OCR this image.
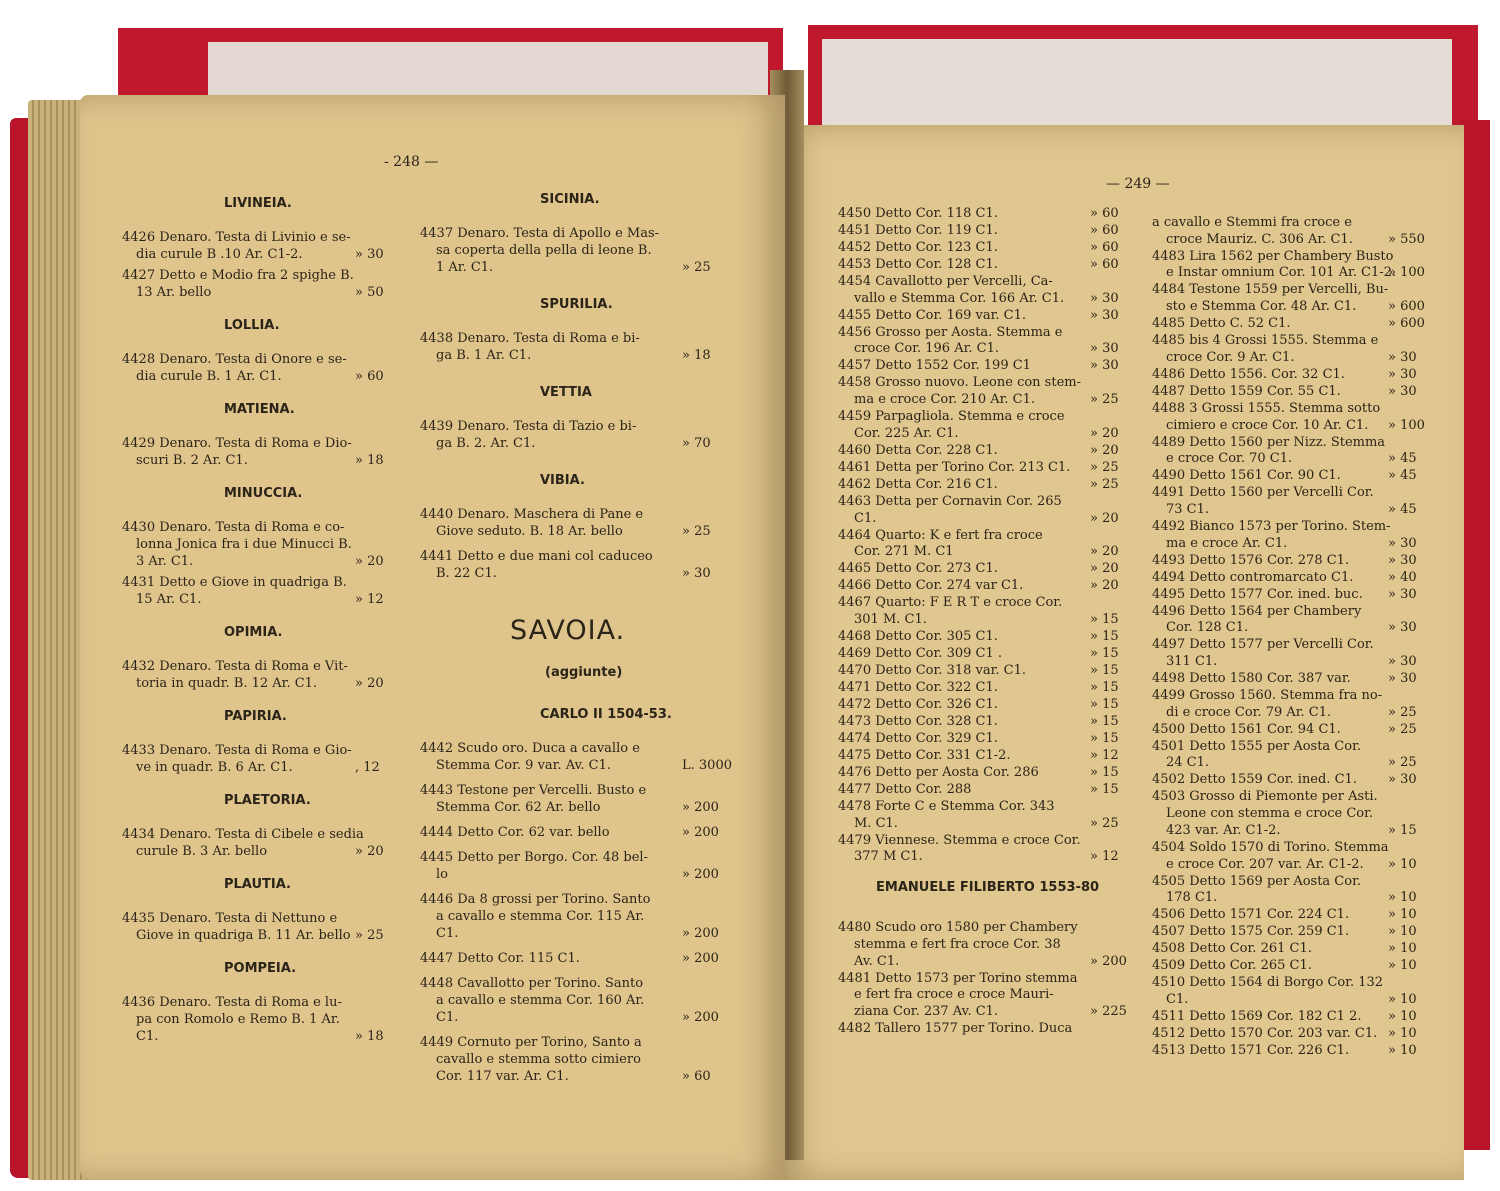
- 248 —
— 249 —
LIVINEIA.
4426 Denaro. Testa di Livinio e se-
dia curule B .10 Ar. C1-2.	» 30
4427 Detto e Modio fra 2 spighe B.
13 Ar. bello	» 50
LOLLIA.
4428 Denaro. Testa di Onore e se-
dia curule B. 1 Ar. C1.	» 60
MATIENA.
4429 Denaro. Testa di Roma e Dio-
scuri B. 2 Ar. C1.	» 18
MINUCCIA.
4430 Denaro. Testa di Roma e co-
lonna Jonica fra i due Minucci B.
3 Ar. C1.	» 20
4431 Detto e Giove in quadriga B.
15 Ar. C1.	» 12
OPIMIA.
4432 Denaro. Testa di Roma e Vit-
toria in quadr. B. 12 Ar. C1.	» 20
PAPIRIA.
4433 Denaro. Testa di Roma e Gio-
ve in quadr. B. 6 Ar. C1.	, 12
PLAETORIA.
4434 Denaro. Testa di Cibele e sedia
curule B. 3 Ar. bello	» 20
PLAUTIA.
4435 Denaro. Testa di Nettuno e
Giove in quadriga B. 11 Ar. bello » 25
POMPEIA.
4436 Denaro. Testa di Roma e lu-
pa con Romolo e Remo B. 1 Ar.
C1.	» 18
SICINIA.
4437 Denaro. Testa di Apollo e Mas-
sa coperta della pella di leone B.
1 Ar. C1.	» 25
SPURILIA.
4438 Denaro. Testa di Roma e bi-
ga B. 1 Ar. C1.	» 18
VETTIA
4439 Denaro. Testa di Tazio e bi-
ga B. 2. Ar. C1.	» 70
VIBIA.
4440 Denaro. Maschera di Pane e
Giove seduto. B. 18 Ar. bello	» 25
4441 Detto e due mani col caduceo
B. 22 C1.	» 30
SAVOIA.
(aggiunte)
CARLO II 1504-53.
4442 Scudo oro. Duca a cavallo e
Stemma Cor. 9 var. Av. C1.	L. 3000
4443 Testone per Vercelli. Busto e
Stemma Cor. 62 Ar. bello	» 200
4444 Detto Cor. 62 var. bello	» 200
4445 Detto per Borgo. Cor. 48 bel-
lo	» 200
4446 Da 8 grossi per Torino. Santo
a cavallo e stemma Cor. 115 Ar.
C1.	» 200
4447 Detto Cor. 115 C1.	» 200
4448 Cavallotto per Torino. Santo
a cavallo e stemma Cor. 160 Ar.
C1.	» 200
4449 Cornuto per Torino, Santo a
cavallo e stemma sotto cimiero
Cor. 117 var. Ar. C1.	» 60
4450 Detto Cor. 118 C1.	» 60
4451 Detto Cor. 119 C1.	» 60
4452 Detto Cor. 123 C1.	» 60
4453 Detto Cor. 128 C1.	» 60
4454 Cavallotto per Vercelli, Ca-
vallo e Stemma Cor. 166 Ar. C1. » 30
4455 Detto Cor. 169 var. C1.	» 30
4456 Grosso per Aosta. Stemma e
croce Cor. 196 Ar. C1.	» 30
4457 Detto 1552 Cor. 199 C1	» 30
4458 Grosso nuovo. Leone con stem-
ma e croce Cor. 210 Ar. C1.	» 25
4459 Parpagliola. Stemma e croce
Cor. 225 Ar. C1.	» 20
4460 Detta Cor. 228 C1.	» 20
4461 Detta per Torino Cor. 213 C1. » 25
4462 Detta Cor. 216 C1.	» 25
4463 Detta per Cornavin Cor. 265
C1.	» 20
4464 Quarto: K e fert fra croce
Cor. 271 M. C1	» 20
4465 Detto Cor. 273 C1.	» 20
4466 Detto Cor. 274 var C1.	» 20
4467 Quarto: F E R T e croce Cor.
301 M. C1.	» 15
4468 Detto Cor. 305 C1.	» 15
4469 Detto Cor. 309 C1 .	» 15
4470 Detto Cor. 318 var. C1.	» 15
4471 Detto Cor. 322 C1.	» 15
4472 Detto Cor. 326 C1.	» 15
4473 Detto Cor. 328 C1.	» 15
4474 Detto Cor. 329 C1.	» 15
4475 Detto Cor. 331 C1-2.	» 12
4476 Detto per Aosta Cor. 286	» 15
4477 Detto Cor. 288	» 15
4478 Forte C e Stemma Cor. 343
M. C1.	» 25
4479 Viennese. Stemma e croce Cor.
377 M C1.	» 12
EMANUELE FILIBERTO 1553-80
4480 Scudo oro 1580 per Chambery
stemma e fert fra croce Cor. 38
Av. C1.	» 200
4481 Detto 1573 per Torino stemma
e fert fra croce e croce Mauri-
ziana Cor. 237 Av. C1.	» 225
4482 Tallero 1577 per Torino. Duca
a cavallo e Stemmi fra croce e
croce Mauriz. C. 306 Ar. C1.	» 550
4483 Lira 1562 per Chambery Busto
e Instar omnium Cor. 101 Ar. C1-2.
» 100
4484 Testone 1559 per Vercelli, Bu-
sto e Stemma Cor. 48 Ar. C1. » 600
4485 Detto C. 52 C1.	» 600
4485 bis 4 Grossi 1555. Stemma e
croce Cor. 9 Ar. C1.	» 30
4486 Detto 1556. Cor. 32 C1.	» 30
4487 Detto 1559 Cor. 55 C1.	» 30
4488 3 Grossi 1555. Stemma sotto
cimiero e croce Cor. 10 Ar. C1. » 100
4489 Detto 1560 per Nizz. Stemma
e croce Cor. 70 C1.	» 45
4490 Detto 1561 Cor. 90 C1.	» 45
4491 Detto 1560 per Vercelli Cor.
73 C1.	» 45
4492 Bianco 1573 per Torino. Stem-
ma e croce Ar. C1.	» 30
4493 Detto 1576 Cor. 278 C1.	» 30
4494 Detto contromarcato C1.	» 40
4495 Detto 1577 Cor. ined. buc. » 30
4496 Detto 1564 per Chambery
Cor. 128 C1.	» 30
4497 Detto 1577 per Vercelli Cor.
311 C1.	» 30
4498 Detto 1580 Cor. 387 var.	» 30
4499 Grosso 1560. Stemma fra no-
di e croce Cor. 79 Ar. C1.	» 25
4500 Detto 1561 Cor. 94 C1.	» 25
4501 Detto 1555 per Aosta Cor.
24 C1.	» 25
4502 Detto 1559 Cor. ined. C1. » 30
4503 Grosso di Piemonte per Asti.
Leone con stemma e croce Cor.
423 var. Ar. C1-2.	» 15
4504 Soldo 1570 di Torino. Stemma
e croce Cor. 207 var. Ar. C1-2. » 10
4505 Detto 1569 per Aosta Cor.
178 C1.	» 10
4506 Detto 1571 Cor. 224 C1.	» 10
4507 Detto 1575 Cor. 259 C1.	» 10
4508 Detto Cor. 261 C1.	» 10
4509 Detto Cor. 265 C1.	» 10
4510 Detto 1564 di Borgo Cor. 132
C1.	» 10
4511 Detto 1569 Cor. 182 C1 2. » 10
4512 Detto 1570 Cor. 203 var. C1. » 10
4513 Detto 1571 Cor. 226 C1.	» 10
